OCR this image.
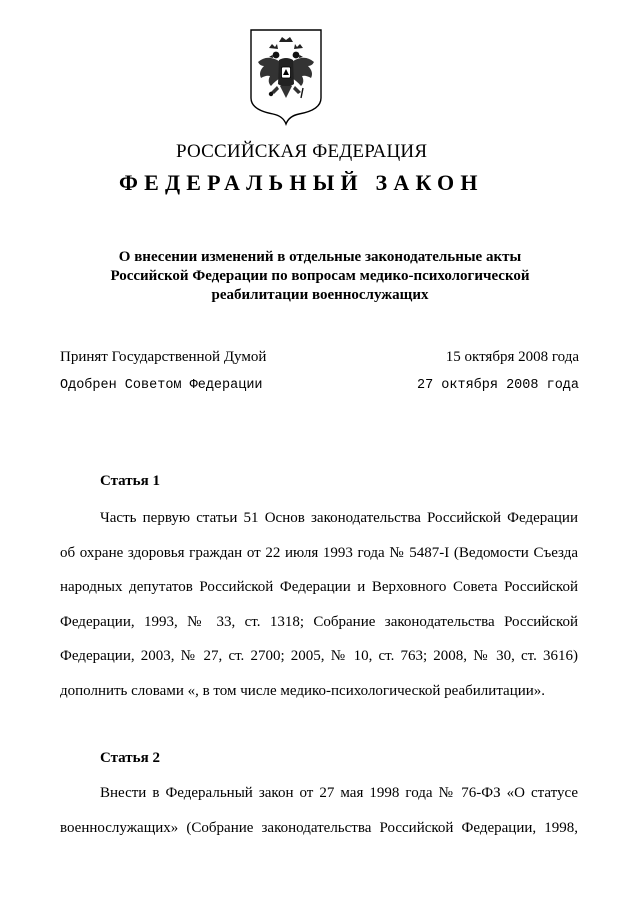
РОССИЙСКАЯ ФЕДЕРАЦИЯ
ФЕДЕРАЛЬНЫЙ ЗАКОН
О внесении изменений в отдельные законодательные акты
Российской Федерации по вопросам медико-психологической
реабилитации военнослужащих
Принят Государственной Думой	15 октября 2008 года
Одобрен Советом Федерации	27 октября 2008 года
Статья 1
Часть первую статьи 51 Основ законодательства Российской Федерации
об охране здоровья граждан от 22 июля 1993 года № 5487-I (Ведомости Съезда
народных депутатов Российской Федерации и Верховного Совета Российской
Федерации, 1993, № 33, ст. 1318; Собрание законодательства Российской
Федерации, 2003, № 27, ст. 2700; 2005, № 10, ст. 763; 2008, № 30, ст. 3616)
дополнить словами «, в том числе медико-психологической реабилитации».
Статья 2
Внести в Федеральный закон от 27 мая 1998 года № 76-ФЗ «О статусе
военнослужащих» (Собрание законодательства Российской Федерации, 1998,
